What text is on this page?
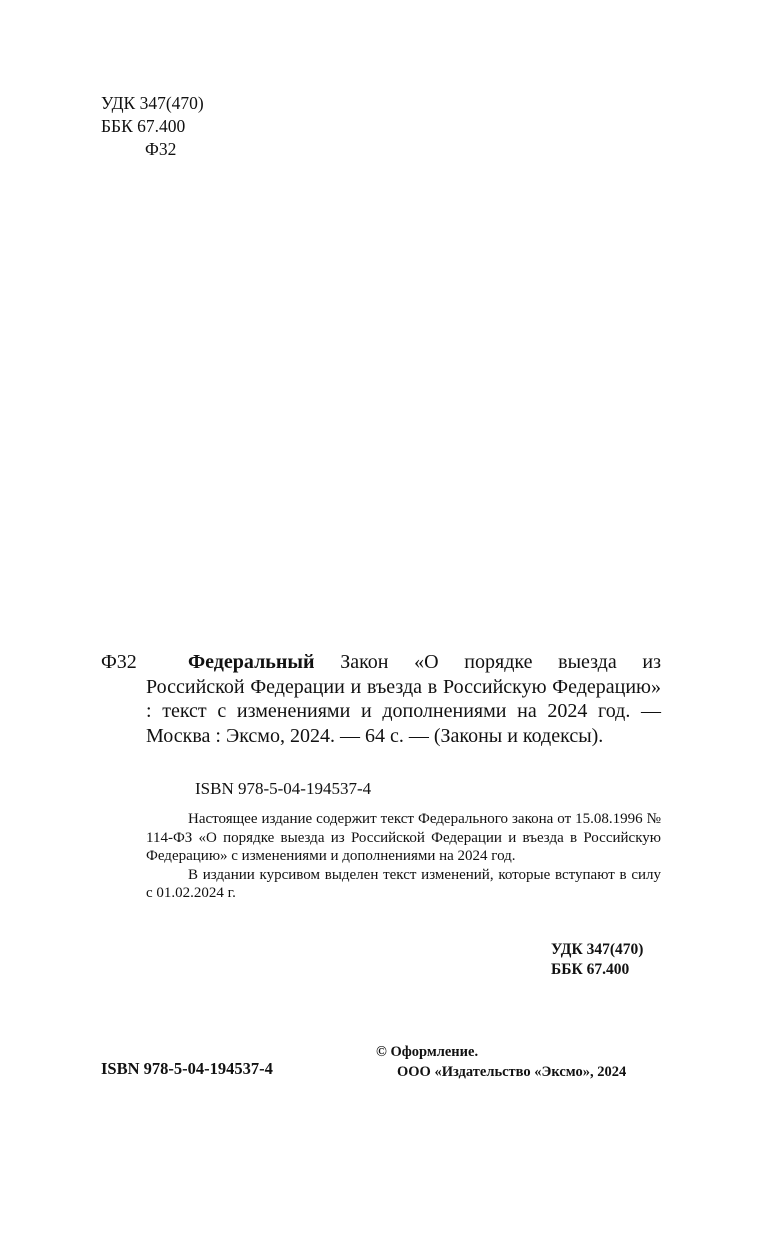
УДК 347(470)
ББК 67.400
Ф32
Ф32	Федеральный Закон «О порядке выезда из Российской Федерации и въезда в Российскую Федерацию» : текст с изменениями и дополнениями на 2024 год. — Москва : Эксмо, 2024. — 64 с. — (Законы и кодексы).

ISBN 978-5-04-194537-4

Настоящее издание содержит текст Федерального закона от 15.08.1996 № 114-ФЗ «О порядке выезда из Российской Федерации и въезда в Российскую Федерацию» с изменениями и дополнениями на 2024 год.

В издании курсивом выделен текст изменений, которые вступают в силу с 01.02.2024 г.

УДК 347(470)
ББК 67.400
ISBN 978-5-04-194537-4
© Оформление.
ООО «Издательство «Эксмо», 2024
